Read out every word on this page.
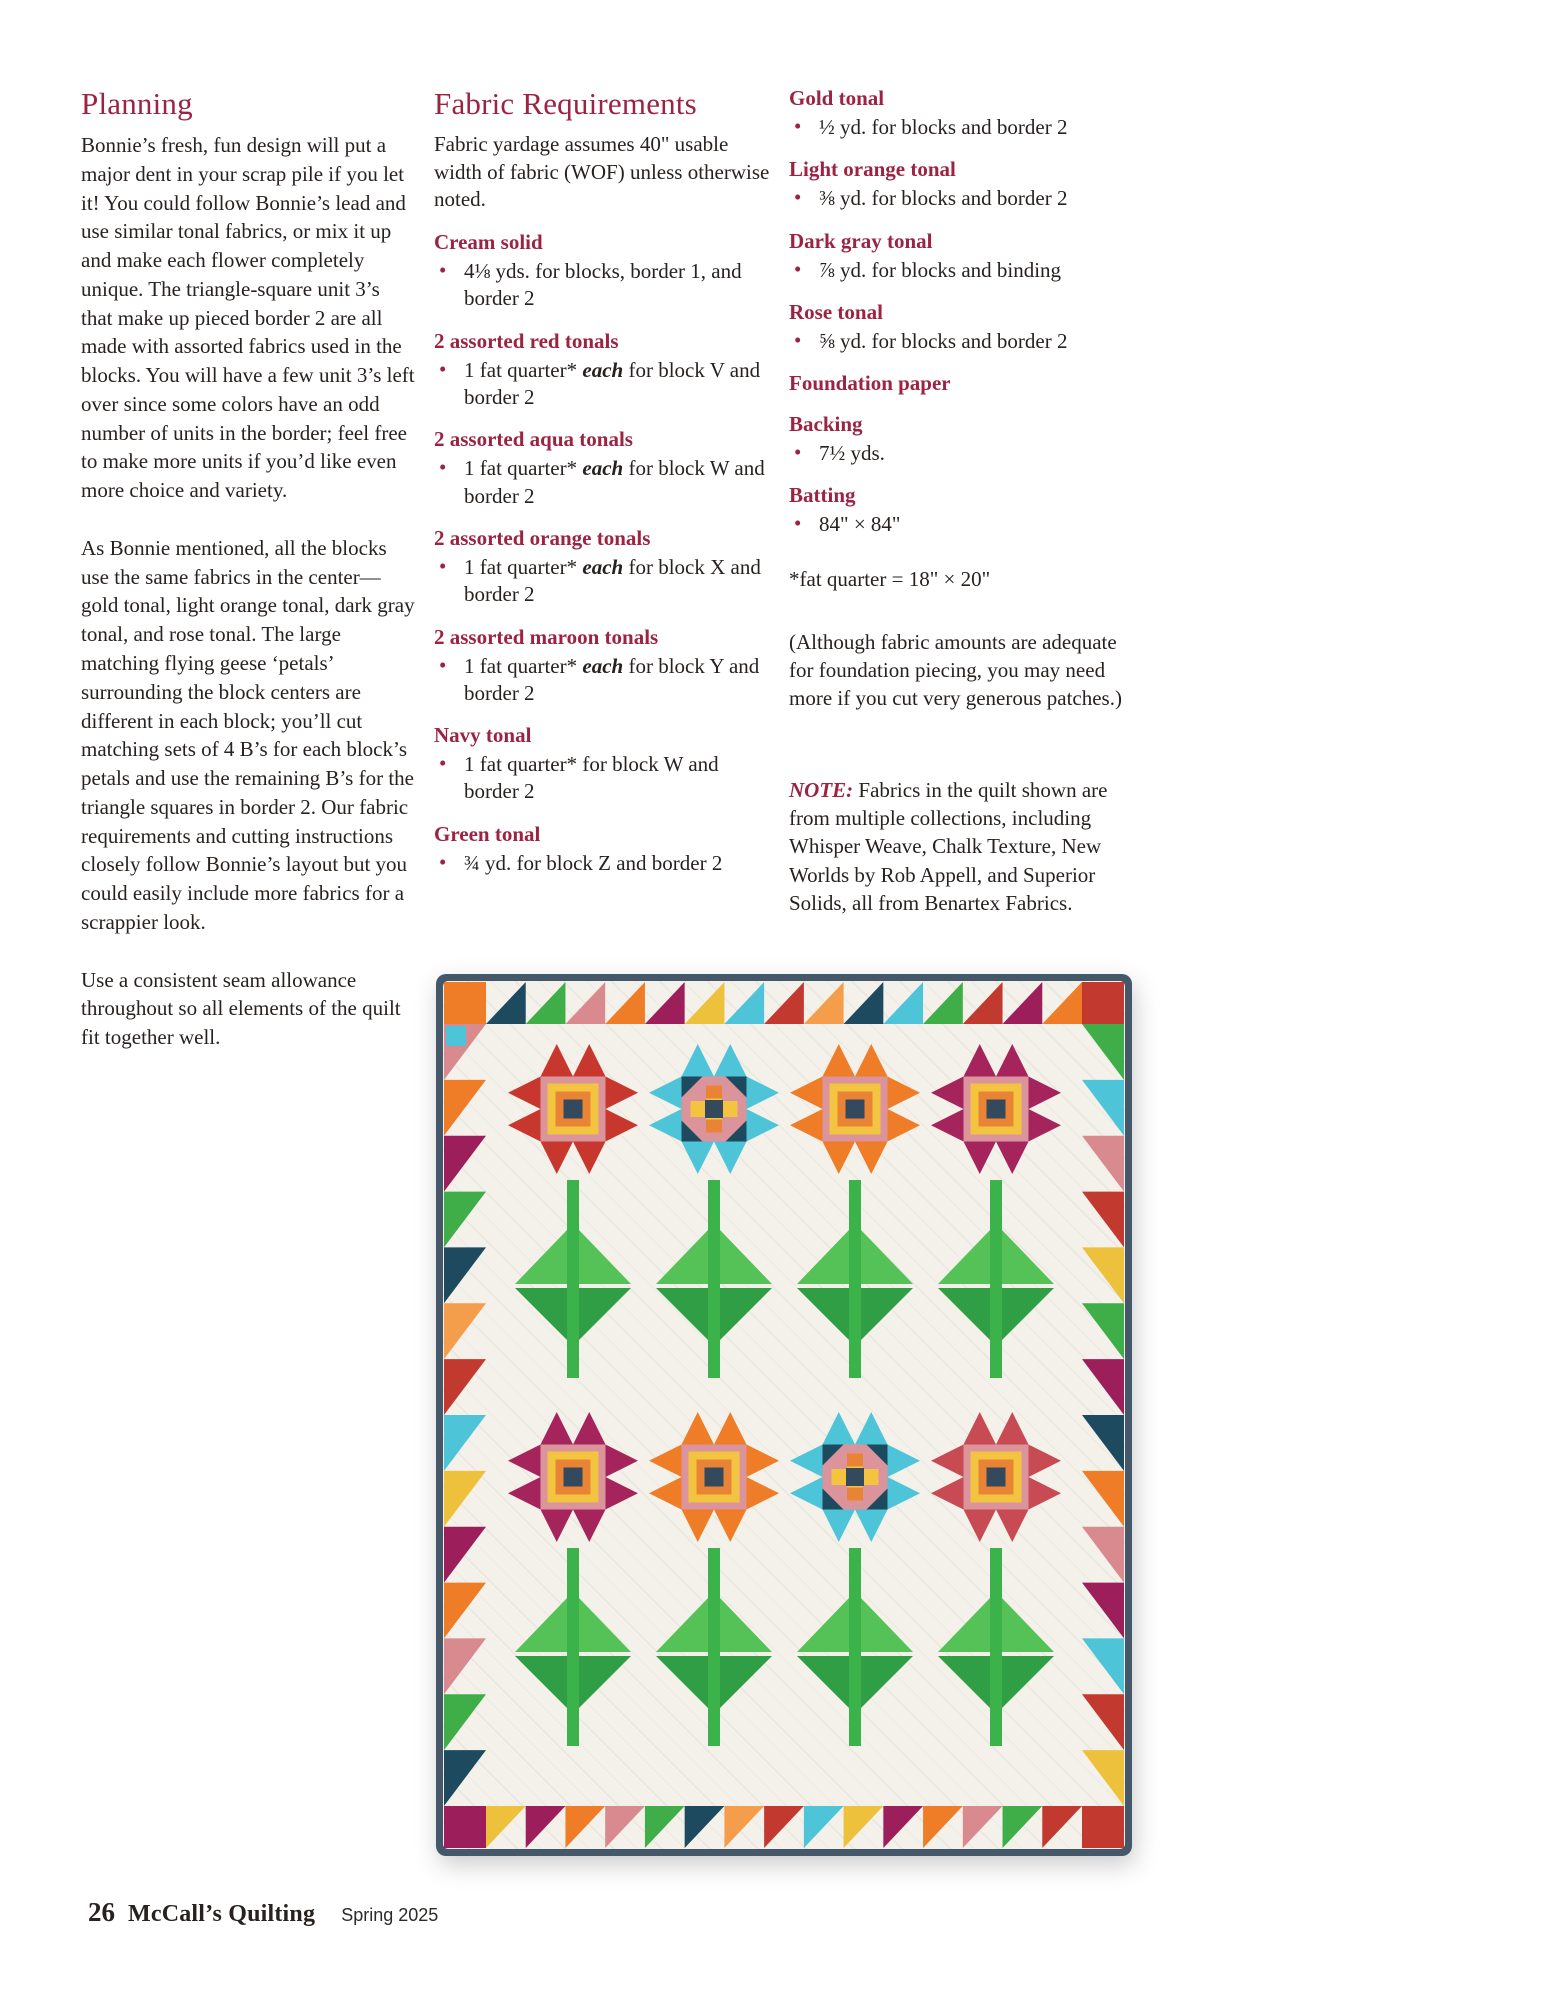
Planning

Bonnie’s fresh, fun design will put a major dent in your scrap pile if you let it! You could follow Bonnie’s lead and use similar tonal fabrics, or mix it up and make each flower completely unique. The triangle-square unit 3’s that make up pieced border 2 are all made with assorted fabrics used in the blocks. You will have a few unit 3’s left over since some colors have an odd number of units in the border; feel free to make more units if you’d like even more choice and variety.

As Bonnie mentioned, all the blocks use the same fabrics in the center—gold tonal, light orange tonal, dark gray tonal, and rose tonal. The large matching flying geese ‘petals’ surrounding the block centers are different in each block; you’ll cut matching sets of 4 B’s for each block’s petals and use the remaining B’s for the triangle squares in border 2. Our fabric requirements and cutting instructions closely follow Bonnie’s layout but you could easily include more fabrics for a scrappier look.

Use a consistent seam allowance throughout so all elements of the quilt fit together well.

Fabric Requirements

Fabric yardage assumes 40" usable width of fabric (WOF) unless otherwise noted.

Cream solid
• 4⅛ yds. for blocks, border 1, and border 2
2 assorted red tonals
• 1 fat quarter* each for block V and border 2
2 assorted aqua tonals
• 1 fat quarter* each for block W and border 2
2 assorted orange tonals
• 1 fat quarter* each for block X and border 2
2 assorted maroon tonals
• 1 fat quarter* each for block Y and border 2
Navy tonal
• 1 fat quarter* for block W and border 2
Green tonal
• ¾ yd. for block Z and border 2
Gold tonal
• ½ yd. for blocks and border 2
Light orange tonal
• ⅜ yd. for blocks and border 2
Dark gray tonal
• ⅞ yd. for blocks and binding
Rose tonal
• ⅝ yd. for blocks and border 2
Foundation paper
Backing
• 7½ yds.
Batting
• 84" × 84"

*fat quarter = 18" × 20"

(Although fabric amounts are adequate for foundation piecing, you may need more if you cut very generous patches.)

NOTE: Fabrics in the quilt shown are from multiple collections, including Whisper Weave, Chalk Texture, New Worlds by Rob Appell, and Superior Solids, all from Benartex Fabrics.

26 McCall’s Quilting Spring 2025
